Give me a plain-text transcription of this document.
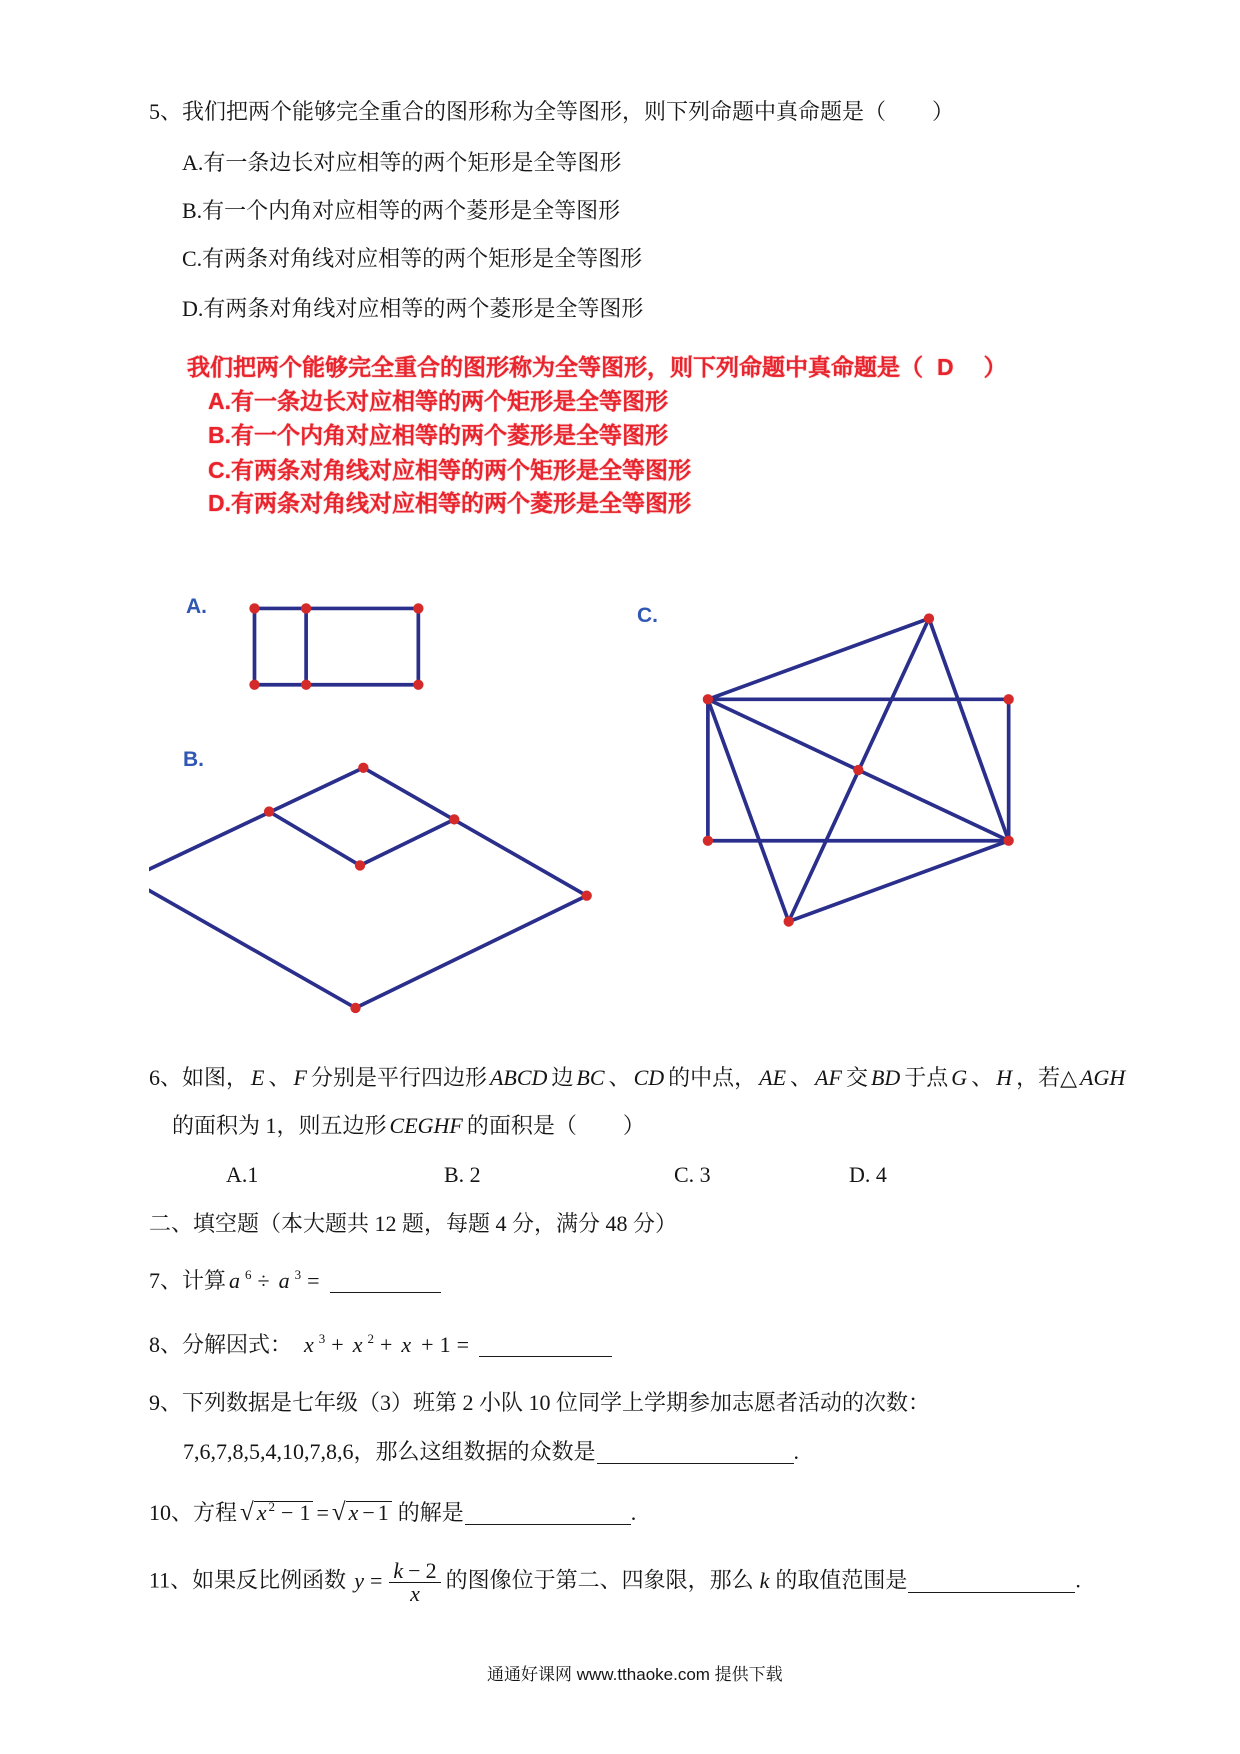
5、我们把两个能够完全重合的图形称为全等图形，则下列命题中真命题是（ ）
A.有一条边长对应相等的两个矩形是全等图形
B.有一个内角对应相等的两个菱形是全等图形
C.有两条对角线对应相等的两个矩形是全等图形
D.有两条对角线对应相等的两个菱形是全等图形
我们把两个能够完全重合的图形称为全等图形，则下列命题中真命题是（ D ）
A.有一条边长对应相等的两个矩形是全等图形
B.有一个内角对应相等的两个菱形是全等图形
C.有两条对角线对应相等的两个矩形是全等图形
D.有两条对角线对应相等的两个菱形是全等图形
A.
B.
C.
6、如图， E 、 F 分别是平行四边形 ABCD 边 BC 、 CD 的中点， AE 、 AF 交 BD 于点 G 、 H ，若△ AGH
的面积为 1，则五边形 CEGHF 的面积是（ ）
A.1	B. 2	C. 3	D. 4
二、填空题（本大题共 12 题，每题 4 分，满分 48 分）
7、计算 a $^6$ ÷ a $^3$ =
8、分解因式： x $^3$ + x $^2$ + x + 1 =
9、下列数据是七年级（3）班第 2 小队 10 位同学上学期参加志愿者活动的次数：
7,6,7,8,5,4,10,7,8,6，那么这组数据的众数是	.
10、方程 √ x $^2$ − 1 = √ x − 1 的解是	.
11、如果反比例函数 $y = \frac{k - 2}{x}$ 的图像位于第二、四象限，那么 k 的取值范围是	.
通通好课网 www.tthaoke.com 提供下载
